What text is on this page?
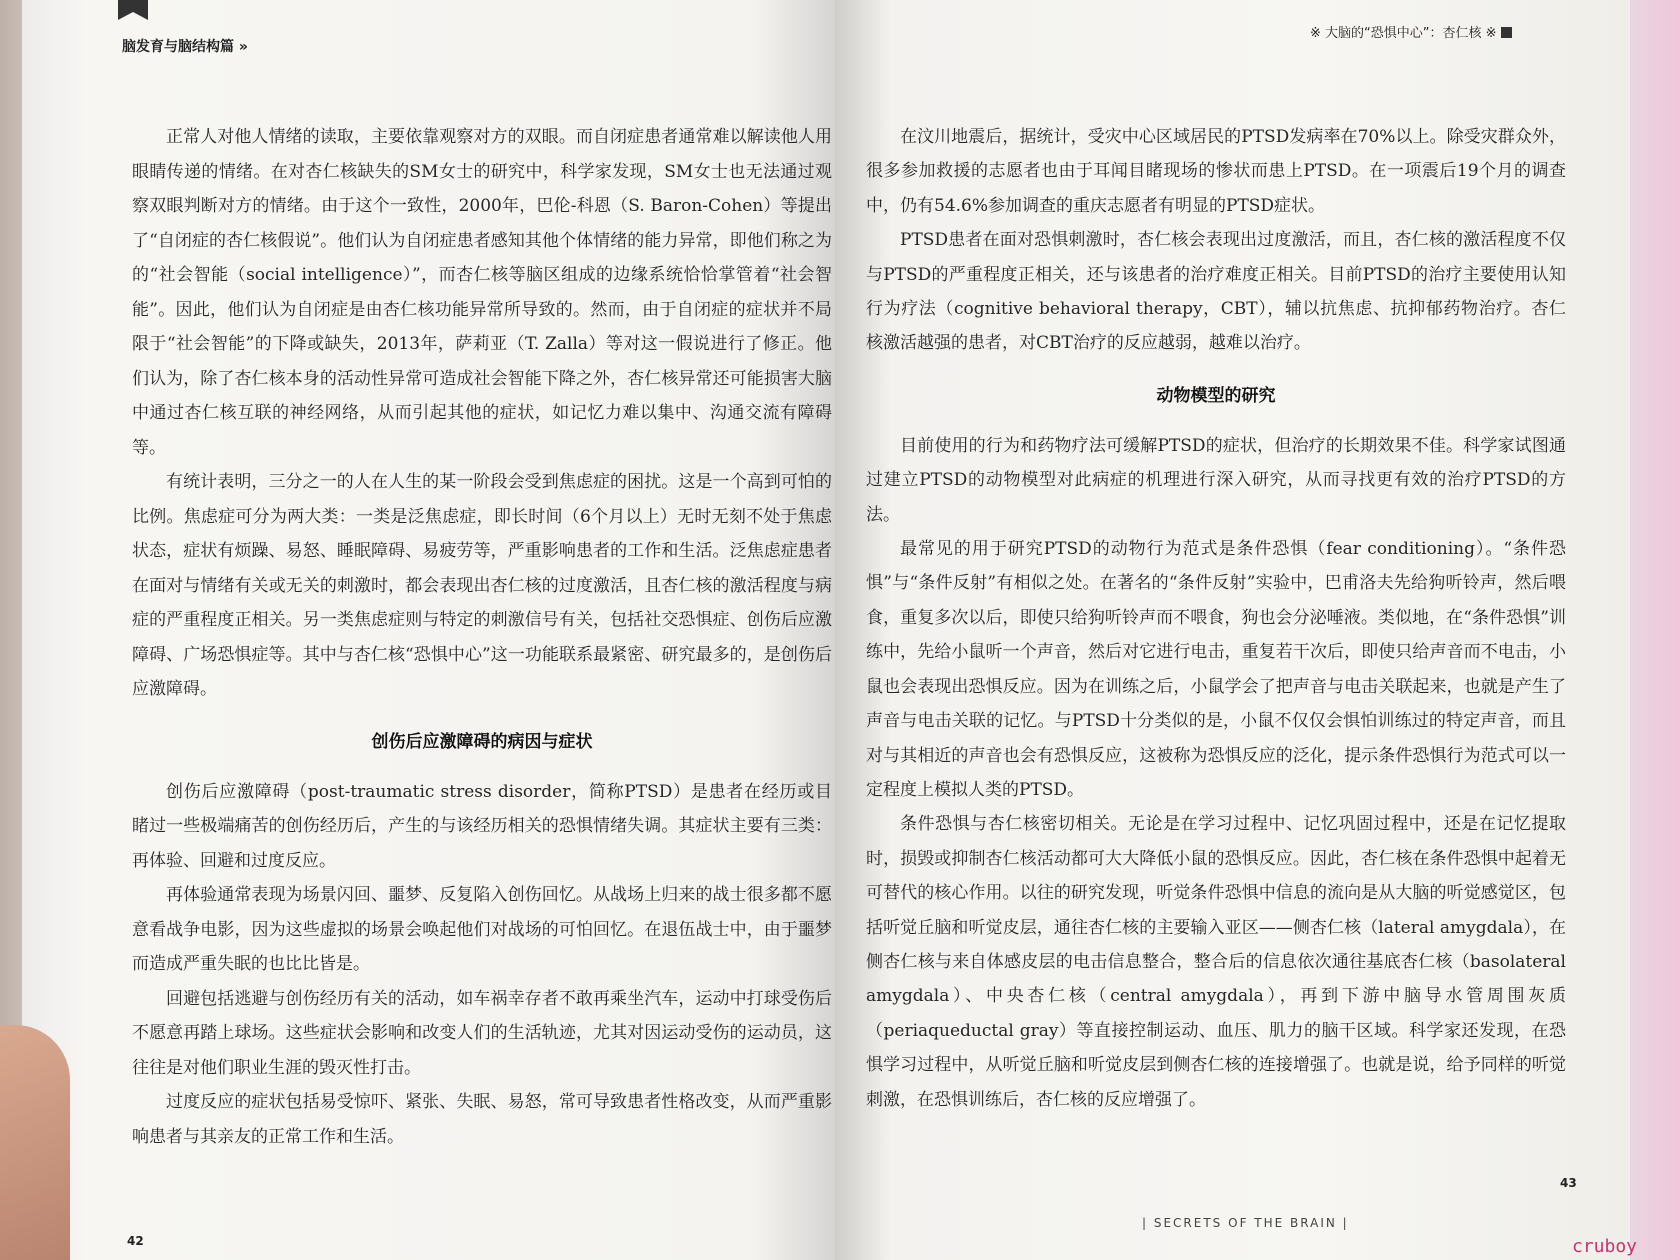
脑发育与脑结构篇 »
※ 大脑的“恐惧中心”：杏仁核 ※

正常人对他人情绪的读取，主要依靠观察对方的双眼。而自闭症患者通常难以解读他人用眼睛传递的情绪。在对杏仁核缺失的SM女士的研究中，科学家发现，SM女士也无法通过观察双眼判断对方的情绪。由于这个一致性，2000年，巴伦-科恩（S. Baron-Cohen）等提出了“自闭症的杏仁核假说”。他们认为自闭症患者感知其他个体情绪的能力异常，即他们称之为的“社会智能（social intelligence）”，而杏仁核等脑区组成的边缘系统恰恰掌管着“社会智能”。因此，他们认为自闭症是由杏仁核功能异常所导致的。然而，由于自闭症的症状并不局限于“社会智能”的下降或缺失，2013年，萨莉亚（T. Zalla）等对这一假说进行了修正。他们认为，除了杏仁核本身的活动性异常可造成社会智能下降之外，杏仁核异常还可能损害大脑中通过杏仁核互联的神经网络，从而引起其他的症状，如记忆力难以集中、沟通交流有障碍等。

有统计表明，三分之一的人在人生的某一阶段会受到焦虑症的困扰。这是一个高到可怕的比例。焦虑症可分为两大类：一类是泛焦虑症，即长时间（6个月以上）无时无刻不处于焦虑状态，症状有烦躁、易怒、睡眠障碍、易疲劳等，严重影响患者的工作和生活。泛焦虑症患者在面对与情绪有关或无关的刺激时，都会表现出杏仁核的过度激活，且杏仁核的激活程度与病症的严重程度正相关。另一类焦虑症则与特定的刺激信号有关，包括社交恐惧症、创伤后应激障碍、广场恐惧症等。其中与杏仁核“恐惧中心”这一功能联系最紧密、研究最多的，是创伤后应激障碍。

创伤后应激障碍的病因与症状

创伤后应激障碍（post-traumatic stress disorder，简称PTSD）是患者在经历或目睹过一些极端痛苦的创伤经历后，产生的与该经历相关的恐惧情绪失调。其症状主要有三类：再体验、回避和过度反应。

再体验通常表现为场景闪回、噩梦、反复陷入创伤回忆。从战场上归来的战士很多都不愿意看战争电影，因为这些虚拟的场景会唤起他们对战场的可怕回忆。在退伍战士中，由于噩梦而造成严重失眠的也比比皆是。

回避包括逃避与创伤经历有关的活动，如车祸幸存者不敢再乘坐汽车，运动中打球受伤后不愿意再踏上球场。这些症状会影响和改变人们的生活轨迹，尤其对因运动受伤的运动员，这往往是对他们职业生涯的毁灭性打击。

过度反应的症状包括易受惊吓、紧张、失眠、易怒，常可导致患者性格改变，从而严重影响患者与其亲友的正常工作和生活。

在汶川地震后，据统计，受灾中心区域居民的PTSD发病率在70%以上。除受灾群众外，很多参加救援的志愿者也由于耳闻目睹现场的惨状而患上PTSD。在一项震后19个月的调查中，仍有54.6%参加调查的重庆志愿者有明显的PTSD症状。

PTSD患者在面对恐惧刺激时，杏仁核会表现出过度激活，而且，杏仁核的激活程度不仅与PTSD的严重程度正相关，还与该患者的治疗难度正相关。目前PTSD的治疗主要使用认知行为疗法（cognitive behavioral therapy，CBT），辅以抗焦虑、抗抑郁药物治疗。杏仁核激活越强的患者，对CBT治疗的反应越弱，越难以治疗。

动物模型的研究

目前使用的行为和药物疗法可缓解PTSD的症状，但治疗的长期效果不佳。科学家试图通过建立PTSD的动物模型对此病症的机理进行深入研究，从而寻找更有效的治疗PTSD的方法。

最常见的用于研究PTSD的动物行为范式是条件恐惧（fear conditioning）。“条件恐惧”与“条件反射”有相似之处。在著名的“条件反射”实验中，巴甫洛夫先给狗听铃声，然后喂食，重复多次以后，即使只给狗听铃声而不喂食，狗也会分泌唾液。类似地，在“条件恐惧”训练中，先给小鼠听一个声音，然后对它进行电击，重复若干次后，即使只给声音而不电击，小鼠也会表现出恐惧反应。因为在训练之后，小鼠学会了把声音与电击关联起来，也就是产生了声音与电击关联的记忆。与PTSD十分类似的是，小鼠不仅仅会惧怕训练过的特定声音，而且对与其相近的声音也会有恐惧反应，这被称为恐惧反应的泛化，提示条件恐惧行为范式可以一定程度上模拟人类的PTSD。

条件恐惧与杏仁核密切相关。无论是在学习过程中、记忆巩固过程中，还是在记忆提取时，损毁或抑制杏仁核活动都可大大降低小鼠的恐惧反应。因此，杏仁核在条件恐惧中起着无可替代的核心作用。以往的研究发现，听觉条件恐惧中信息的流向是从大脑的听觉感觉区，包括听觉丘脑和听觉皮层，通往杏仁核的主要输入亚区——侧杏仁核（lateral amygdala），在侧杏仁核与来自体感皮层的电击信息整合，整合后的信息依次通往基底杏仁核（basolateral amygdala）、中央杏仁核（central amygdala），再到下游中脑导水管周围灰质（periaqueductal gray）等直接控制运动、血压、肌力的脑干区域。科学家还发现，在恐惧学习过程中，从听觉丘脑和听觉皮层到侧杏仁核的连接增强了。也就是说，给予同样的听觉刺激，在恐惧训练后，杏仁核的反应增强了。

42
43
| SECRETS OF THE BRAIN |
cruboy
